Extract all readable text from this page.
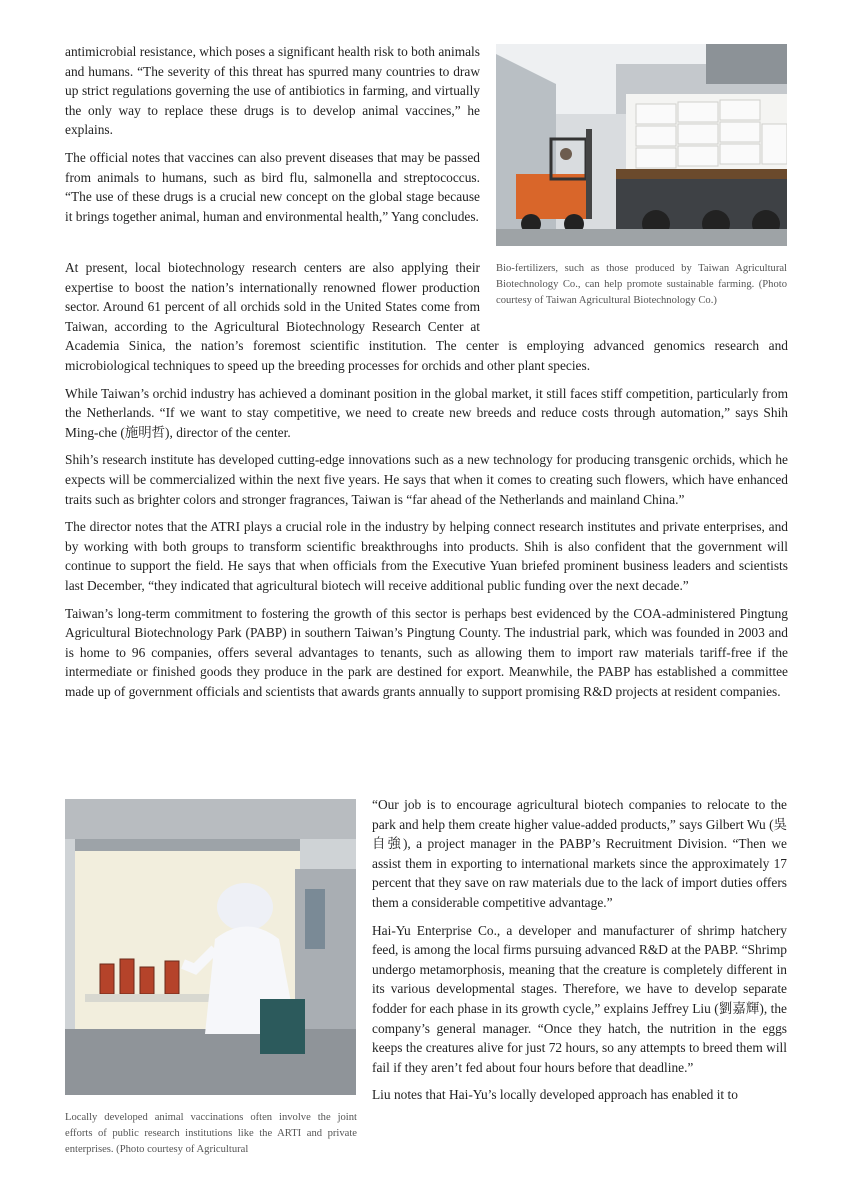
antimicrobial resistance, which poses a significant health risk to both animals and humans. “The severity of this threat has spurred many countries to draw up strict regulations governing the use of antibiotics in farming, and virtually the only way to replace these drugs is to develop animal vaccines,” he explains.

The official notes that vaccines can also prevent diseases that may be passed from animals to humans, such as bird flu, salmonella and streptococcus. “The use of these drugs is a crucial new concept on the global stage because it brings together animal, human and environmental health,” Yang concludes.

Bio-fertilizers, such as those produced by Taiwan Agricultural Biotechnology Co., can help promote sustainable farming. (Photo courtesy of Taiwan Agricultural Biotechnology Co.)

At present, local biotechnology research centers are also applying their expertise to boost the nation’s internationally renowned flower production sector. Around 61 percent of all orchids sold in the United States come from Taiwan, according to the Agricultural Biotechnology Research Center at Academia Sinica, the nation’s foremost scientific institution. The center is employing advanced genomics research and microbiological techniques to speed up the breeding processes for orchids and other plant species.

While Taiwan’s orchid industry has achieved a dominant position in the global market, it still faces stiff competition, particularly from the Netherlands. “If we want to stay competitive, we need to create new breeds and reduce costs through automation,” says Shih Ming-che (施明哲), director of the center.

Shih’s research institute has developed cutting-edge innovations such as a new technology for producing transgenic orchids, which he expects will be commercialized within the next five years. He says that when it comes to creating such flowers, which have enhanced traits such as brighter colors and stronger fragrances, Taiwan is “far ahead of the Netherlands and mainland China.”

The director notes that the ATRI plays a crucial role in the industry by helping connect research institutes and private enterprises, and by working with both groups to transform scientific breakthroughs into products. Shih is also confident that the government will continue to support the field. He says that when officials from the Executive Yuan briefed prominent business leaders and scientists last December, “they indicated that agricultural biotech will receive additional public funding over the next decade.”

Taiwan’s long-term commitment to fostering the growth of this sector is perhaps best evidenced by the COA-administered Pingtung Agricultural Biotechnology Park (PABP) in southern Taiwan’s Pingtung County. The industrial park, which was founded in 2003 and is home to 96 companies, offers several advantages to tenants, such as allowing them to import raw materials tariff-free if the intermediate or finished goods they produce in the park are destined for export. Meanwhile, the PABP has established a committee made up of government officials and scientists that awards grants annually to support promising R&D projects at resident companies.

Locally developed animal vaccinations often involve the joint efforts of public research institutions like the ARTI and private enterprises. (Photo courtesy of Agricultural

“Our job is to encourage agricultural biotech companies to relocate to the park and help them create higher value-added products,” says Gilbert Wu (吳自強), a project manager in the PABP’s Recruitment Division. “Then we assist them in exporting to international markets since the approximately 17 percent that they save on raw materials due to the lack of import duties offers them a considerable competitive advantage.”

Hai-Yu Enterprise Co., a developer and manufacturer of shrimp hatchery feed, is among the local firms pursuing advanced R&D at the PABP. “Shrimp undergo metamorphosis, meaning that the creature is completely different in its various developmental stages. Therefore, we have to develop separate fodder for each phase in its growth cycle,” explains Jeffrey Liu (劉嘉輝), the company’s general manager. “Once they hatch, the nutrition in the eggs keeps the creatures alive for just 72 hours, so any attempts to breed them will fail if they aren’t fed about four hours before that deadline.”

Liu notes that Hai-Yu’s locally developed approach has enabled it to
